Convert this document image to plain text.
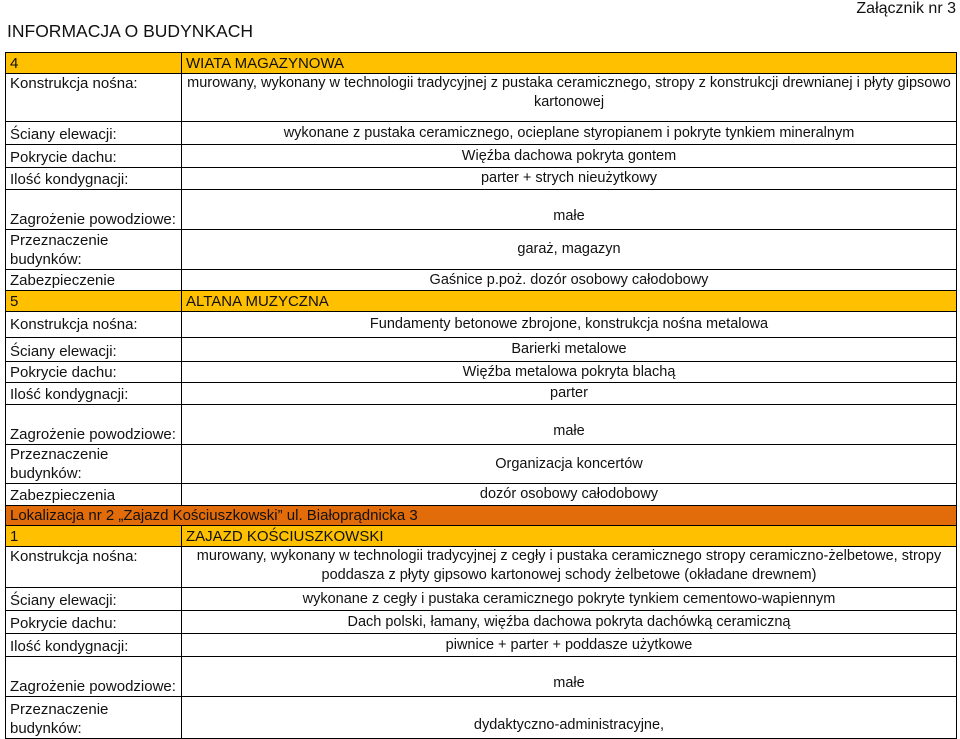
INFORMACJA O BUDYNKACH
Załącznik nr 3
4	WIATA MAGAZYNOWA
Konstrukcja nośna:	murowany, wykonany w technologii tradycyjnej z pustaka ceramicznego, stropy z konstrukcji drewnianej i płyty gipsowo kartonowej
Ściany elewacji:	wykonane z pustaka ceramicznego, ocieplane styropianem i pokryte tynkiem mineralnym
Pokrycie dachu:	Więźba dachowa pokryta gontem
Ilość kondygnacji:	parter + strych nieużytkowy
Zagrożenie powodziowe:	małe
Przeznaczenie budynków:
garaż, magazyn
Zabezpieczenie	Gaśnice p.poż. dozór osobowy całodobowy
5	ALTANA MUZYCZNA
Konstrukcja nośna:	Fundamenty betonowe zbrojone, konstrukcja nośna metalowa
Ściany elewacji:	Barierki metalowe
Pokrycie dachu:	Więźba metalowa pokryta blachą
Ilość kondygnacji:	parter
Zagrożenie powodziowe:	małe
Przeznaczenie budynków:
Organizacja koncertów
Zabezpieczenia	dozór osobowy całodobowy
Lokalizacja nr 2 „Zajazd Kościuszkowski” ul. Białoprądnicka 3
1	ZAJAZD KOŚCIUSZKOWSKI
Konstrukcja nośna:	murowany, wykonany w technologii tradycyjnej z cegły i pustaka ceramicznego stropy ceramiczno-żelbetowe, stropy poddasza z płyty gipsowo kartonowej schody żelbetowe (okładane drewnem)
Ściany elewacji:	wykonane z cegły i pustaka ceramicznego pokryte tynkiem cementowo-wapiennym
Pokrycie dachu:	Dach polski, łamany, więźba dachowa pokryta dachówką ceramiczną
Ilość kondygnacji:	piwnice + parter + poddasze użytkowe
Zagrożenie powodziowe:	małe
Przeznaczenie budynków:	dydaktyczno-administracyjne,
